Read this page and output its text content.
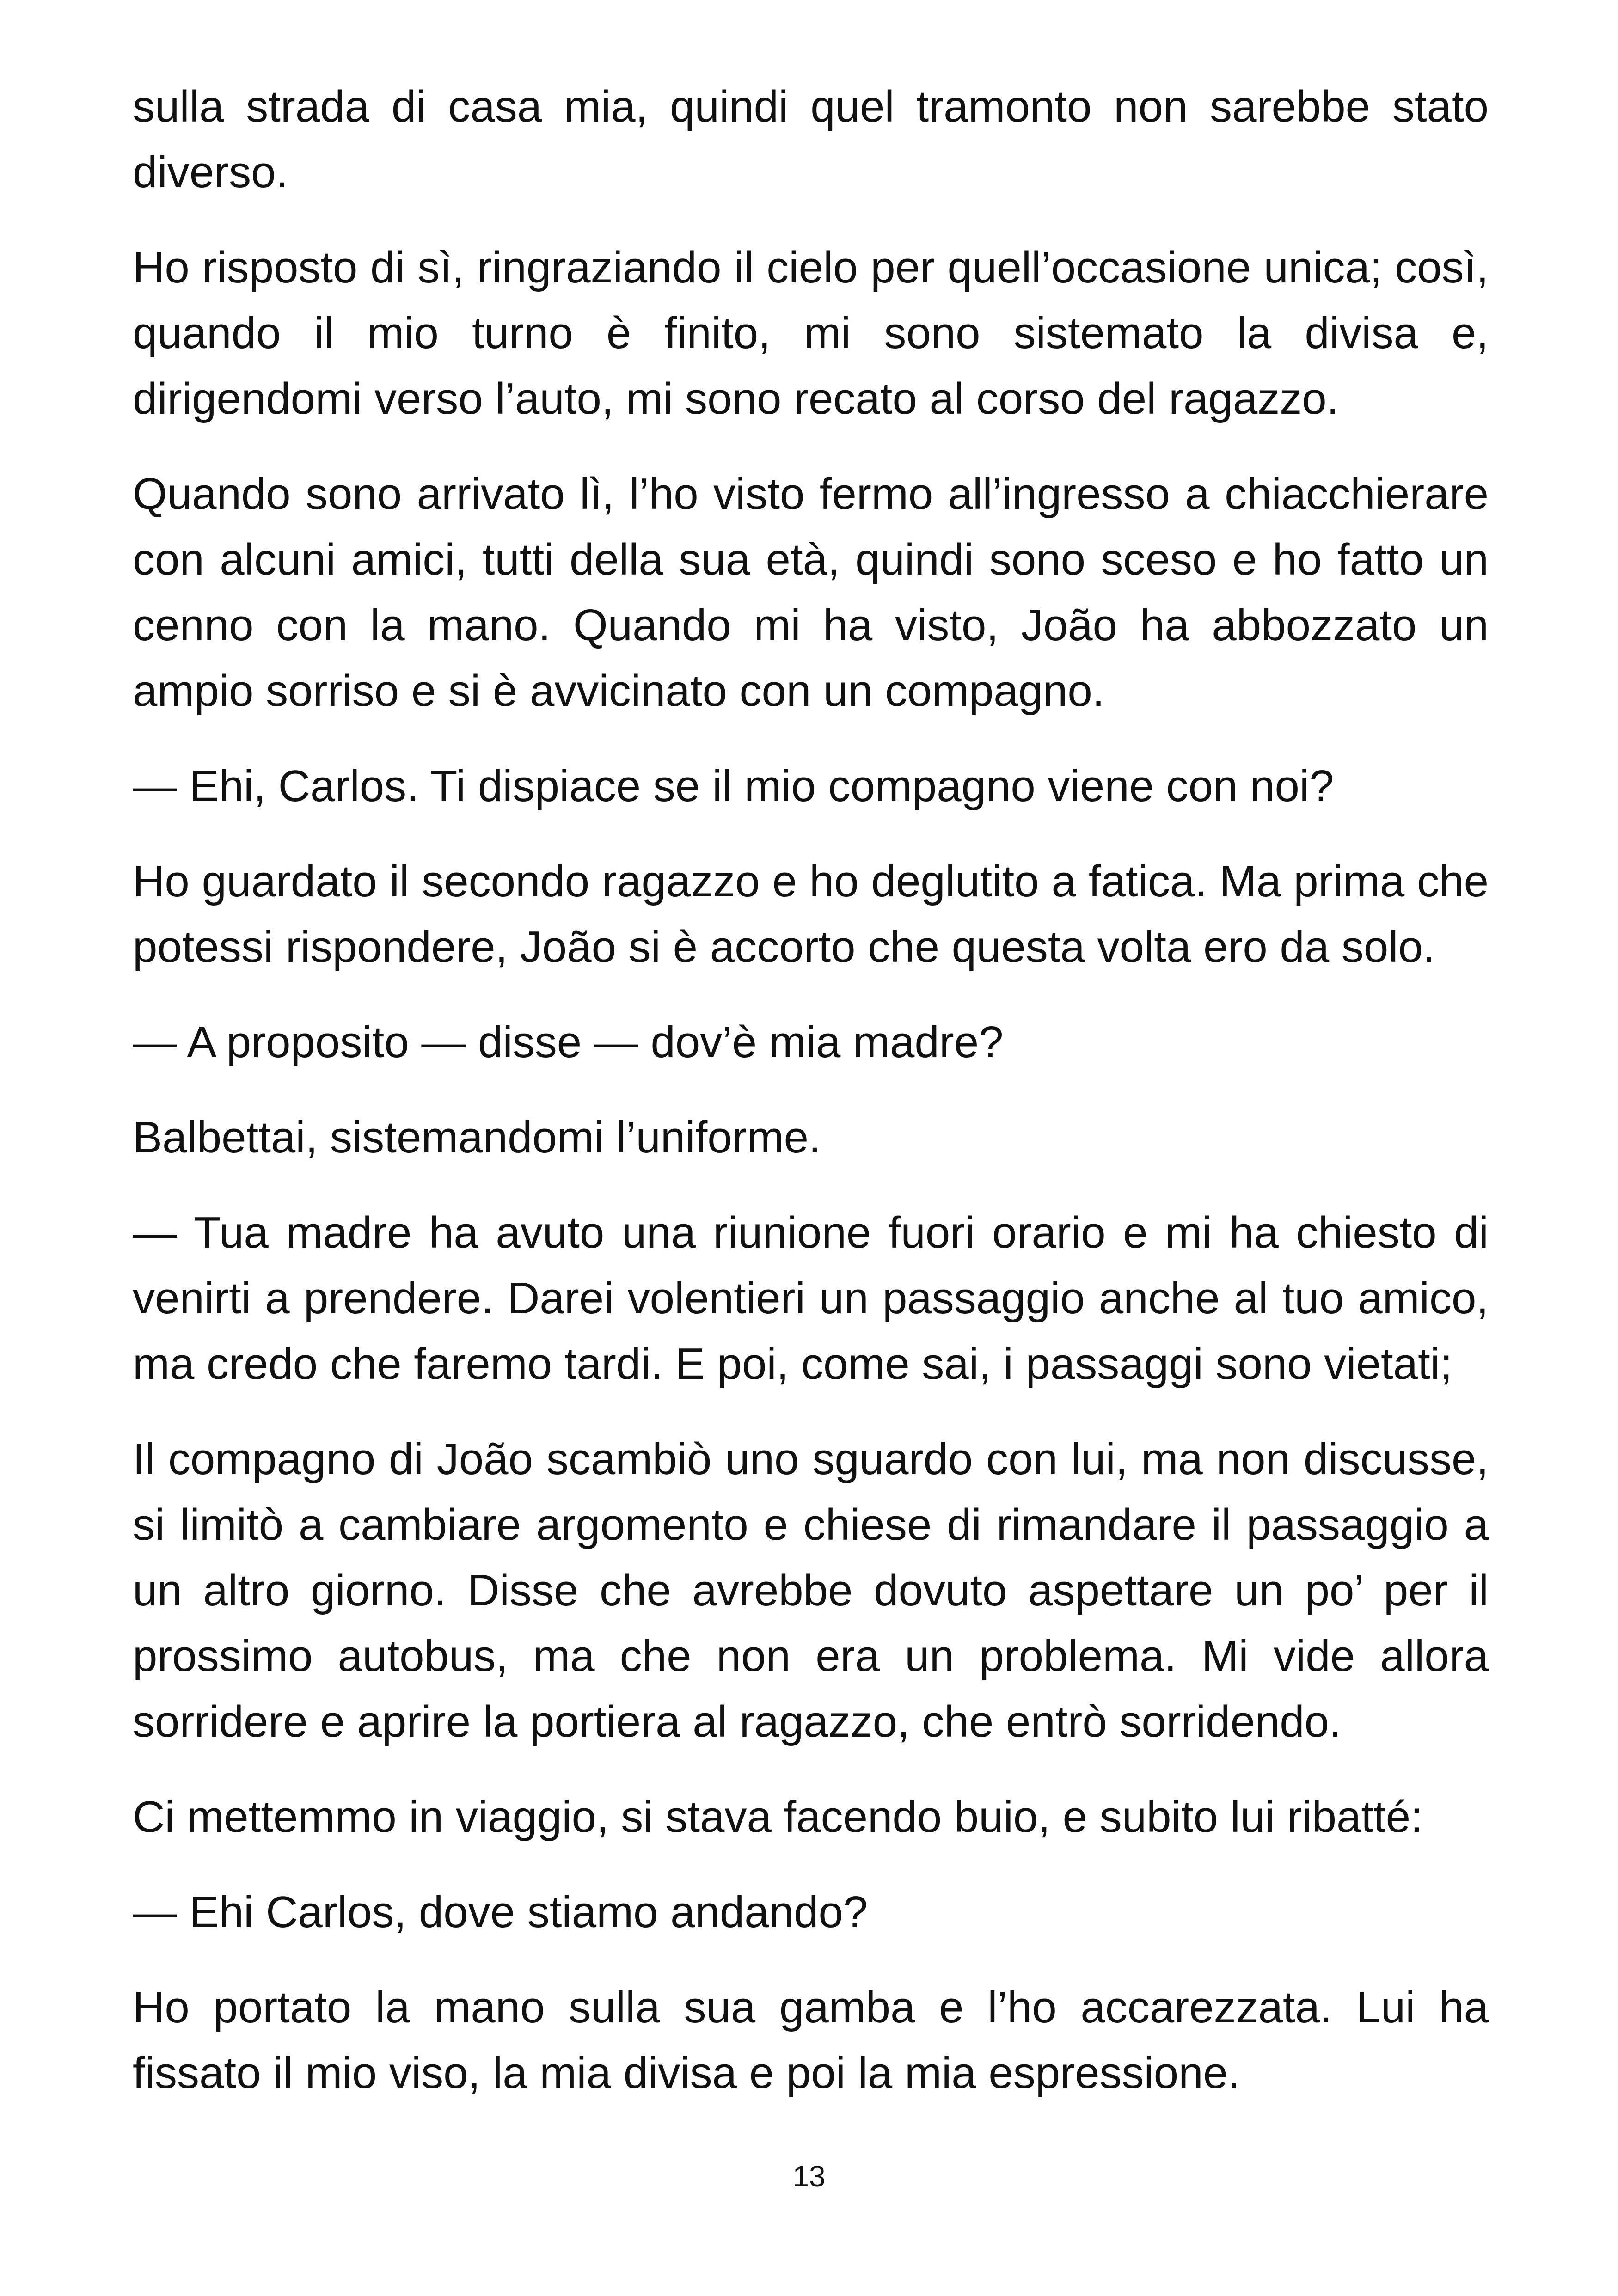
sulla strada di casa mia, quindi quel tramonto non sarebbe stato diverso.

Ho risposto di sì, ringraziando il cielo per quell’occasione unica; così, quando il mio turno è finito, mi sono sistemato la divisa e, dirigendomi verso l’auto, mi sono recato al corso del ragazzo.

Quando sono arrivato lì, l’ho visto fermo all’ingresso a chiacchierare con alcuni amici, tutti della sua età, quindi sono sceso e ho fatto un cenno con la mano. Quando mi ha visto, João ha abbozzato un ampio sorriso e si è avvicinato con un compagno.

— Ehi, Carlos. Ti dispiace se il mio compagno viene con noi?

Ho guardato il secondo ragazzo e ho deglutito a fatica. Ma prima che potessi rispondere, João si è accorto che questa volta ero da solo.

— A proposito — disse — dov’è mia madre?

Balbettai, sistemandomi l’uniforme.

— Tua madre ha avuto una riunione fuori orario e mi ha chiesto di venirti a prendere. Darei volentieri un passaggio anche al tuo amico, ma credo che faremo tardi. E poi, come sai, i passaggi sono vietati;

Il compagno di João scambiò uno sguardo con lui, ma non discusse, si limitò a cambiare argomento e chiese di rimandare il passaggio a un altro giorno. Disse che avrebbe dovuto aspettare un po’ per il prossimo autobus, ma che non era un problema. Mi vide allora sorridere e aprire la portiera al ragazzo, che entrò sorridendo.

Ci mettemmo in viaggio, si stava facendo buio, e subito lui ribatté:

— Ehi Carlos, dove stiamo andando?

Ho portato la mano sulla sua gamba e l’ho accarezzata. Lui ha fissato il mio viso, la mia divisa e poi la mia espressione.

13
